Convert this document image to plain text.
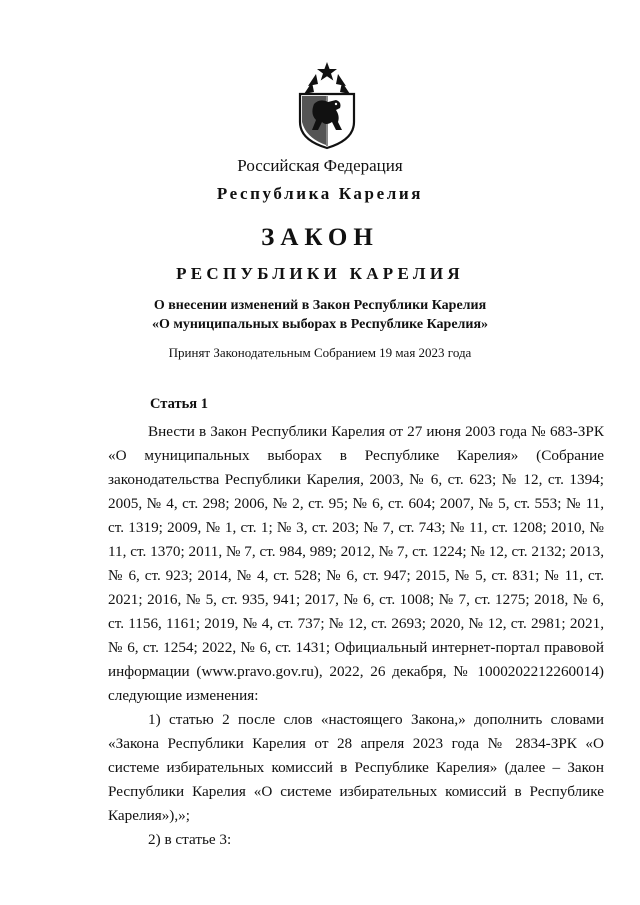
Российская Федерация
Республика Карелия
ЗАКОН
РЕСПУБЛИКИ КАРЕЛИЯ
О внесении изменений в Закон Республики Карелия
«О муниципальных выборах в Республике Карелия»
Принят Законодательным Собранием 19 мая 2023 года
Статья 1

Внести в Закон Республики Карелия от 27 июня 2003 года № 683-ЗРК «О муниципальных выборах в Республике Карелия» (Собрание законодательства Республики Карелия, 2003, № 6, ст. 623; № 12, ст. 1394; 2005, № 4, ст. 298; 2006, № 2, ст. 95; № 6, ст. 604; 2007, № 5, ст. 553; № 11, ст. 1319; 2009, № 1, ст. 1; № 3, ст. 203; № 7, ст. 743; № 11, ст. 1208; 2010, № 11, ст. 1370; 2011, № 7, ст. 984, 989; 2012, № 7, ст. 1224; № 12, ст. 2132; 2013, № 6, ст. 923; 2014, № 4, ст. 528; № 6, ст. 947; 2015, № 5, ст. 831; № 11, ст. 2021; 2016, № 5, ст. 935, 941; 2017, № 6, ст. 1008; № 7, ст. 1275; 2018, № 6, ст. 1156, 1161; 2019, № 4, ст. 737; № 12, ст. 2693; 2020, № 12, ст. 2981; 2021, № 6, ст. 1254; 2022, № 6, ст. 1431; Официальный интернет-портал правовой информации (www.pravo.gov.ru), 2022, 26 декабря, № 1000202212260014) следующие изменения:

1) статью 2 после слов «настоящего Закона,» дополнить словами «Закона Республики Карелия от 28 апреля 2023 года № 2834-ЗРК «О системе избирательных комиссий в Республике Карелия» (далее – Закон Республики Карелия «О системе избирательных комиссий в Республике Карелия»),»;

2) в статье 3:
